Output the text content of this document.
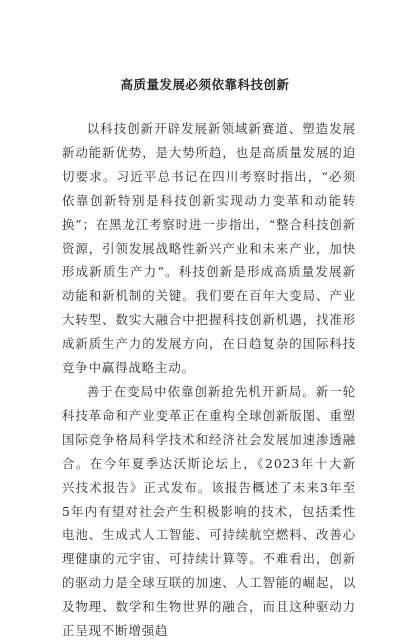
高质量发展必须依靠科技创新

以科技创新开辟发展新领域新赛道、塑造发展新动能新优势，是大势所趋，也是高质量发展的迫切要求。习近平总书记在四川考察时指出，“必须依靠创新特别是科技创新实现动力变革和动能转换”；在黑龙江考察时进一步指出，“整合科技创新资源，引领发展战略性新兴产业和未来产业，加快形成新质生产力”。科技创新是形成高质量发展新动能和新机制的关键。我们要在百年大变局、产业大转型、数实大融合中把握科技创新机遇，找准形成新质生产力的发展方向，在日趋复杂的国际科技竞争中赢得战略主动。

善于在变局中依靠创新抢先机开新局。新一轮科技革命和产业变革正在重构全球创新版图、重塑国际竞争格局科学技术和经济社会发展加速渗透融合。在今年夏季达沃斯论坛上，《2023年十大新兴技术报告》正式发布。该报告概述了未来3年至5年内有望对社会产生积极影响的技术，包括柔性电池、生成式人工智能、可持续航空燃料、改善心理健康的元宇宙、可持续计算等。不难看出，创新的驱动力是全球互联的加速、人工智能的崛起，以及物理、数学和生物世界的融合，而且这种驱动力正呈现不断增强趋
